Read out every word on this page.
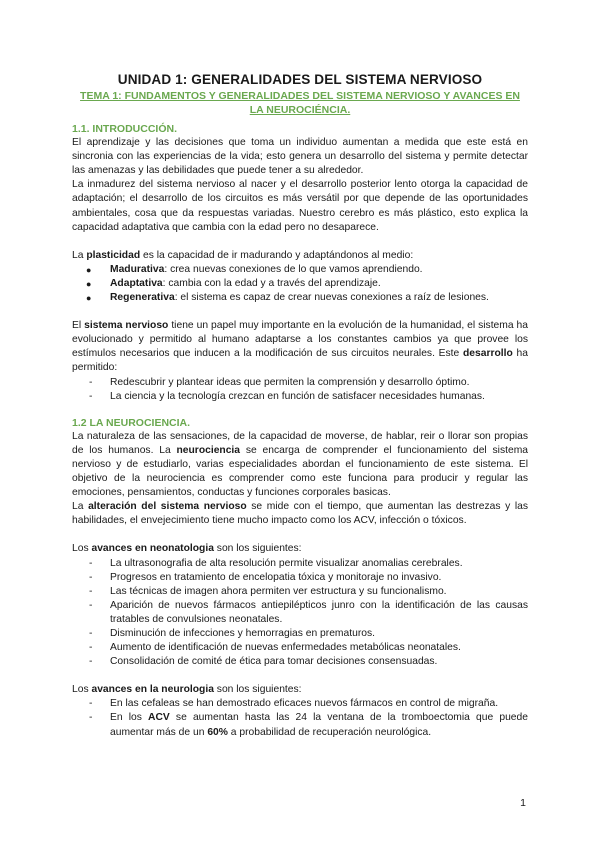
UNIDAD 1: GENERALIDADES DEL SISTEMA NERVIOSO
TEMA 1: FUNDAMENTOS Y GENERALIDADES DEL SISTEMA NERVIOSO Y AVANCES EN LA NEUROCIÉNCIA.
1.1. INTRODUCCIÓN.

El aprendizaje y las decisiones que toma un individuo aumentan a medida que este está en sincronia con las experiencias de la vida; esto genera un desarrollo del sistema y permite detectar las amenazas y las debilidades que puede tener a su alrededor.

La inmadurez del sistema nervioso al nacer y el desarrollo posterior lento otorga la capacidad de adaptación; el desarrollo de los circuitos es más versátil por que depende de las oportunidades ambientales, cosa que da respuestas variadas. Nuestro cerebro es más plástico, esto explica la capacidad adaptativa que cambia con la edad pero no desaparece.

La plasticidad es la capacidad de ir madurando y adaptándonos al medio:

● Madurativa: crea nuevas conexiones de lo que vamos aprendiendo.
● Adaptativa: cambia con la edad y a través del aprendizaje.
● Regenerativa: el sistema es capaz de crear nuevas conexiones a raíz de lesiones.

El sistema nervioso tiene un papel muy importante en la evolución de la humanidad, el sistema ha evolucionado y permitido al humano adaptarse a los constantes cambios ya que provee los estímulos necesarios que inducen a la modificación de sus circuitos neurales. Este desarrollo ha permitido:

- Redescubrir y plantear ideas que permiten la comprensión y desarrollo óptimo.
- La ciencia y la tecnología crezcan en función de satisfacer necesidades humanas.
1.2 LA NEUROCIENCIA.

La naturaleza de las sensaciones, de la capacidad de moverse, de hablar, reir o llorar son propias de los humanos. La neurociencia se encarga de comprender el funcionamiento del sistema nervioso y de estudiarlo, varias especialidades abordan el funcionamiento de este sistema. El objetivo de la neurociencia es comprender como este funciona para producir y regular las emociones, pensamientos, conductas y funciones corporales basicas.

La alteración del sistema nervioso se mide con el tiempo, que aumentan las destrezas y las habilidades, el envejecimiento tiene mucho impacto como los ACV, infección o tóxicos.

Los avances en neonatologia son los siguientes:

- La ultrasonografia de alta resolución permite visualizar anomalias cerebrales.
- Progresos en tratamiento de encelopatia tóxica y monitoraje no invasivo.
- Las técnicas de imagen ahora permiten ver estructura y su funcionalismo.
- Aparición de nuevos fármacos antiepilépticos junro con la identificación de las causas tratables de convulsiones neonatales.
- Disminución de infecciones y hemorragias en prematuros.
- Aumento de identificación de nuevas enfermedades metabólicas neonatales.
- Consolidación de comité de ética para tomar decisiones consensuadas.

Los avances en la neurologia son los siguientes:

- En las cefaleas se han demostrado eficaces nuevos fármacos en control de migraña.
- En los ACV se aumentan hasta las 24 la ventana de la tromboectomia que puede aumentar más de un 60% a probabilidad de recuperación neurológica.
1
